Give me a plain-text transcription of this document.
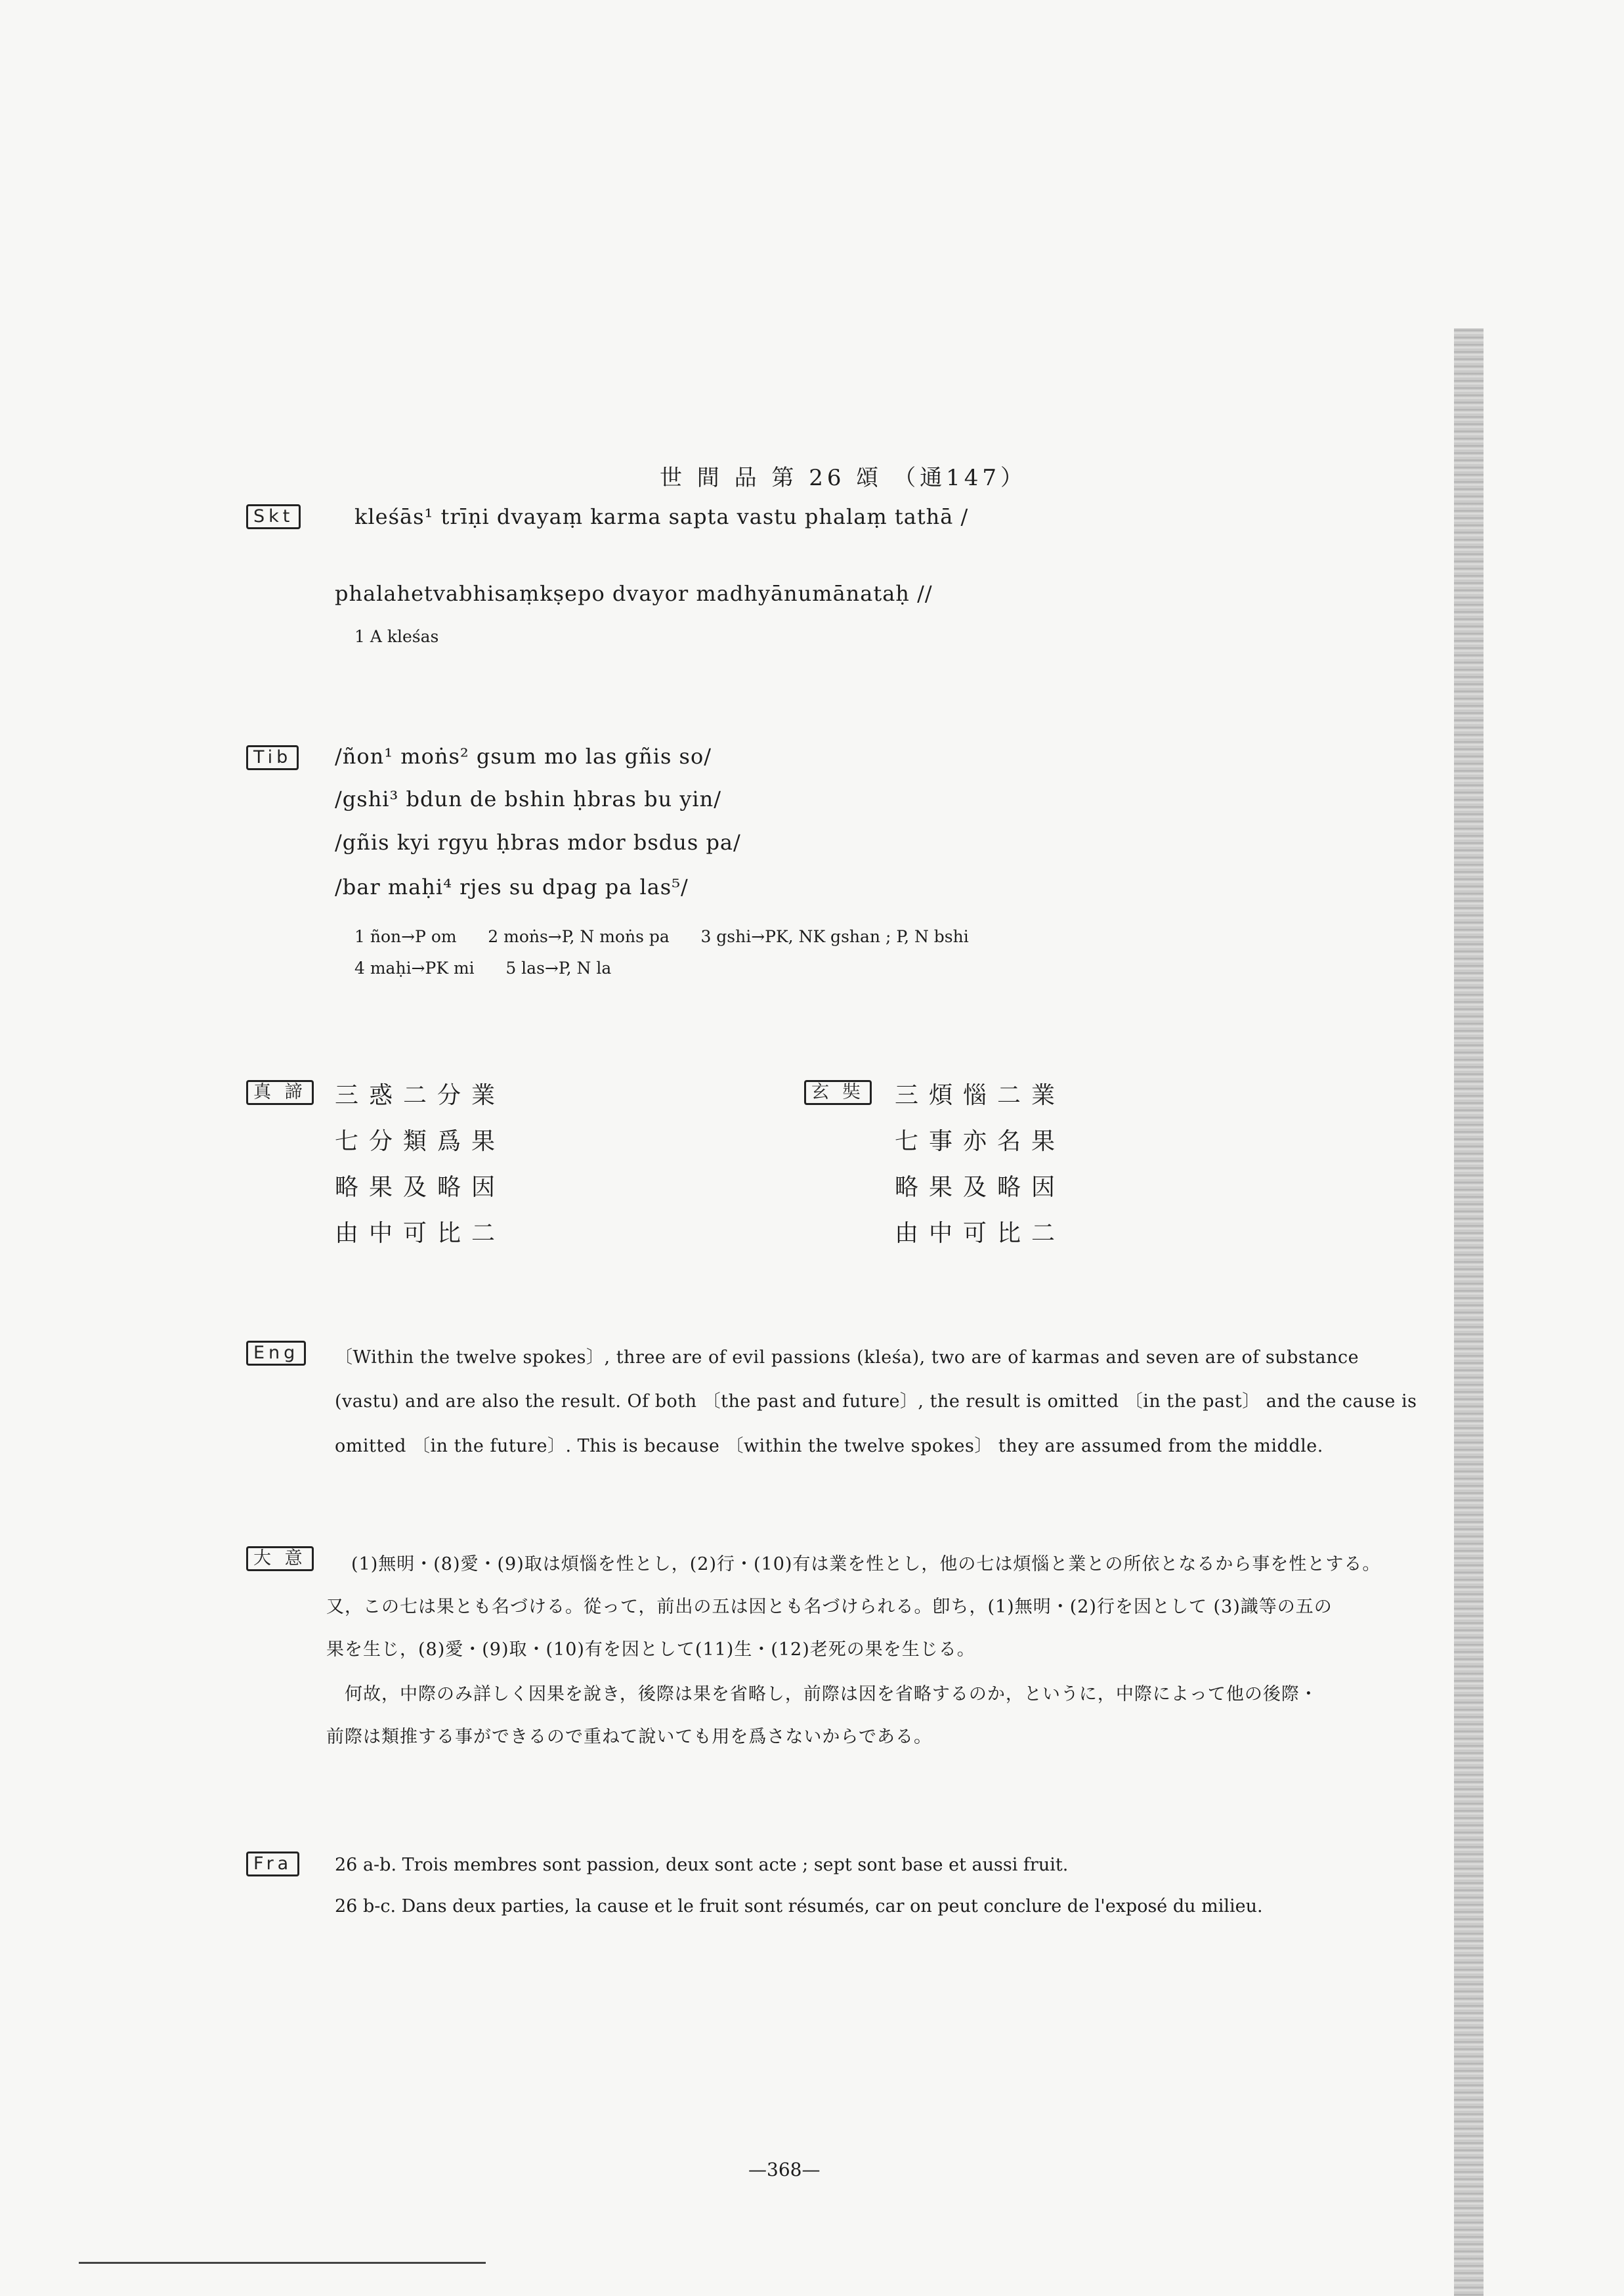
世 間 品 第 26 頌 （通147）
Skt	kleśās¹ trīṇi dvayaṃ karma sapta vastu phalaṃ tathā /
phalahetvabhisaṃkṣepo dvayor madhyānumānataḥ //
1 A kleśas
Tib	/ñon¹ moṅs² gsum mo las gñis so/
/gshi³ bdun de bshin ḥbras bu yin/
/gñis kyi rgyu ḥbras mdor bsdus pa/
/bar maḥi⁴ rjes su dpag pa las⁵/
1 ñon→P om      2 moṅs→P, N moṅs pa      3 gshi→PK, NK gshan ; P, N bshi
4 maḥi→PK mi      5 las→P, N la
真 諦	三惑二分業
七分類爲果
略果及略因
由中可比二
玄 奘	三煩惱二業
七事亦名果
略果及略因
由中可比二
Eng	〔Within the twelve spokes〕, three are of evil passions (kleśa), two are of karmas and seven are of substance
(vastu) and are also the result. Of both 〔the past and future〕, the result is omitted 〔in the past〕 and the cause is
omitted 〔in the future〕. This is because 〔within the twelve spokes〕 they are assumed from the middle.
大 意	(1)無明・(8)愛・(9)取は煩惱を性とし，(2)行・(10)有は業を性とし，他の七は煩惱と業との所依となるから事を性とする。
又，この七は果とも名づける。從って，前出の五は因とも名づけられる。卽ち，(1)無明・(2)行を因として (3)識等の五の
果を生じ，(8)愛・(9)取・(10)有を因として(11)生・(12)老死の果を生じる。
何故，中際のみ詳しく因果を說き，後際は果を省略し，前際は因を省略するのか，というに，中際によって他の後際・
前際は類推する事ができるので重ねて說いても用を爲さないからである。
Fra	26 a-b. Trois membres sont passion, deux sont acte ; sept sont base et aussi fruit.
26 b-c. Dans deux parties, la cause et le fruit sont résumés, car on peut conclure de l'exposé du milieu.
—368—
